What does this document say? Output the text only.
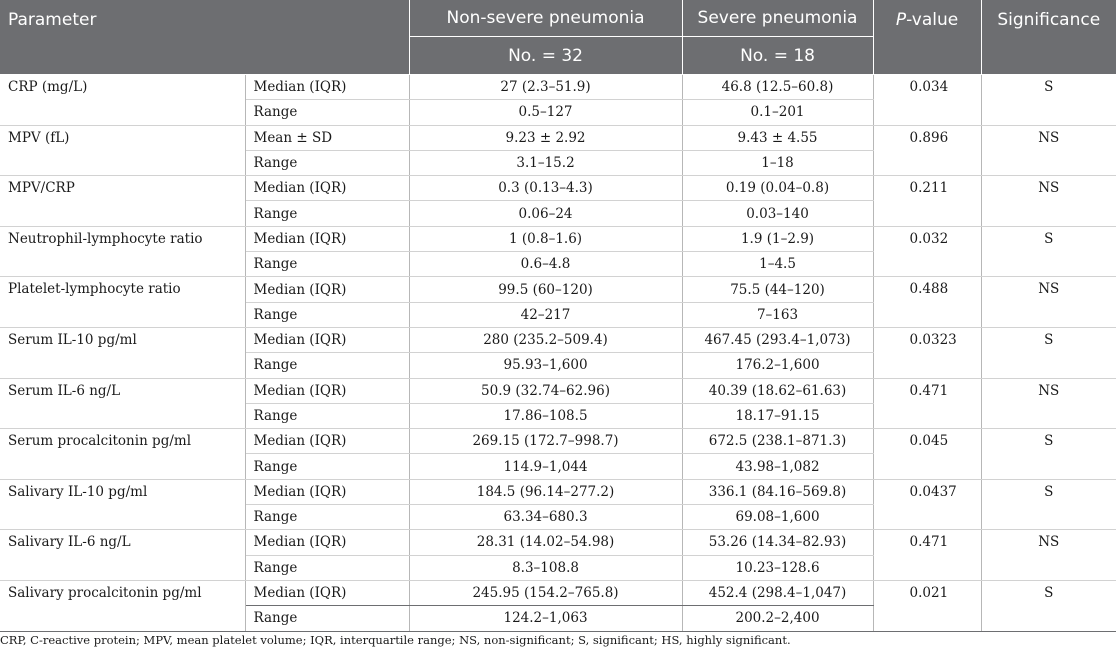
Parameter		Non-severe pneumonia	Severe pneumonia	P-value	Significance
		No. = 32	No. = 18		
CRP (mg/L)	Median (IQR)	27 (2.3–51.9)	46.8 (12.5–60.8)	0.034	S
	Range	0.5–127	0.1–201		
MPV (fL)	Mean ± SD	9.23 ± 2.92	9.43 ± 4.55	0.896	NS
	Range	3.1–15.2	1–18		
MPV/CRP	Median (IQR)	0.3 (0.13–4.3)	0.19 (0.04–0.8)	0.211	NS
	Range	0.06–24	0.03–140		
Neutrophil-lymphocyte ratio	Median (IQR)	1 (0.8–1.6)	1.9 (1–2.9)	0.032	S
	Range	0.6–4.8	1–4.5		
Platelet-lymphocyte ratio	Median (IQR)	99.5 (60–120)	75.5 (44–120)	0.488	NS
	Range	42–217	7–163		
Serum IL-10 pg/ml	Median (IQR)	280 (235.2–509.4)	467.45 (293.4–1,073)	0.0323	S
	Range	95.93–1,600	176.2–1,600		
Serum IL-6 ng/L	Median (IQR)	50.9 (32.74–62.96)	40.39 (18.62–61.63)	0.471	NS
	Range	17.86–108.5	18.17–91.15		
Serum procalcitonin pg/ml	Median (IQR)	269.15 (172.7–998.7)	672.5 (238.1–871.3)	0.045	S
	Range	114.9–1,044	43.98–1,082		
Salivary IL-10 pg/ml	Median (IQR)	184.5 (96.14–277.2)	336.1 (84.16–569.8)	0.0437	S
	Range	63.34–680.3	69.08–1,600		
Salivary IL-6 ng/L	Median (IQR)	28.31 (14.02–54.98)	53.26 (14.34–82.93)	0.471	NS
	Range	8.3–108.8	10.23–128.6		
Salivary procalcitonin pg/ml	Median (IQR)	245.95 (154.2–765.8)	452.4 (298.4–1,047)	0.021	S
	Range	124.2–1,063	200.2–2,400		
CRP, C-reactive protein; MPV, mean platelet volume; IQR, interquartile range; NS, non-significant; S, significant; HS, highly significant.
